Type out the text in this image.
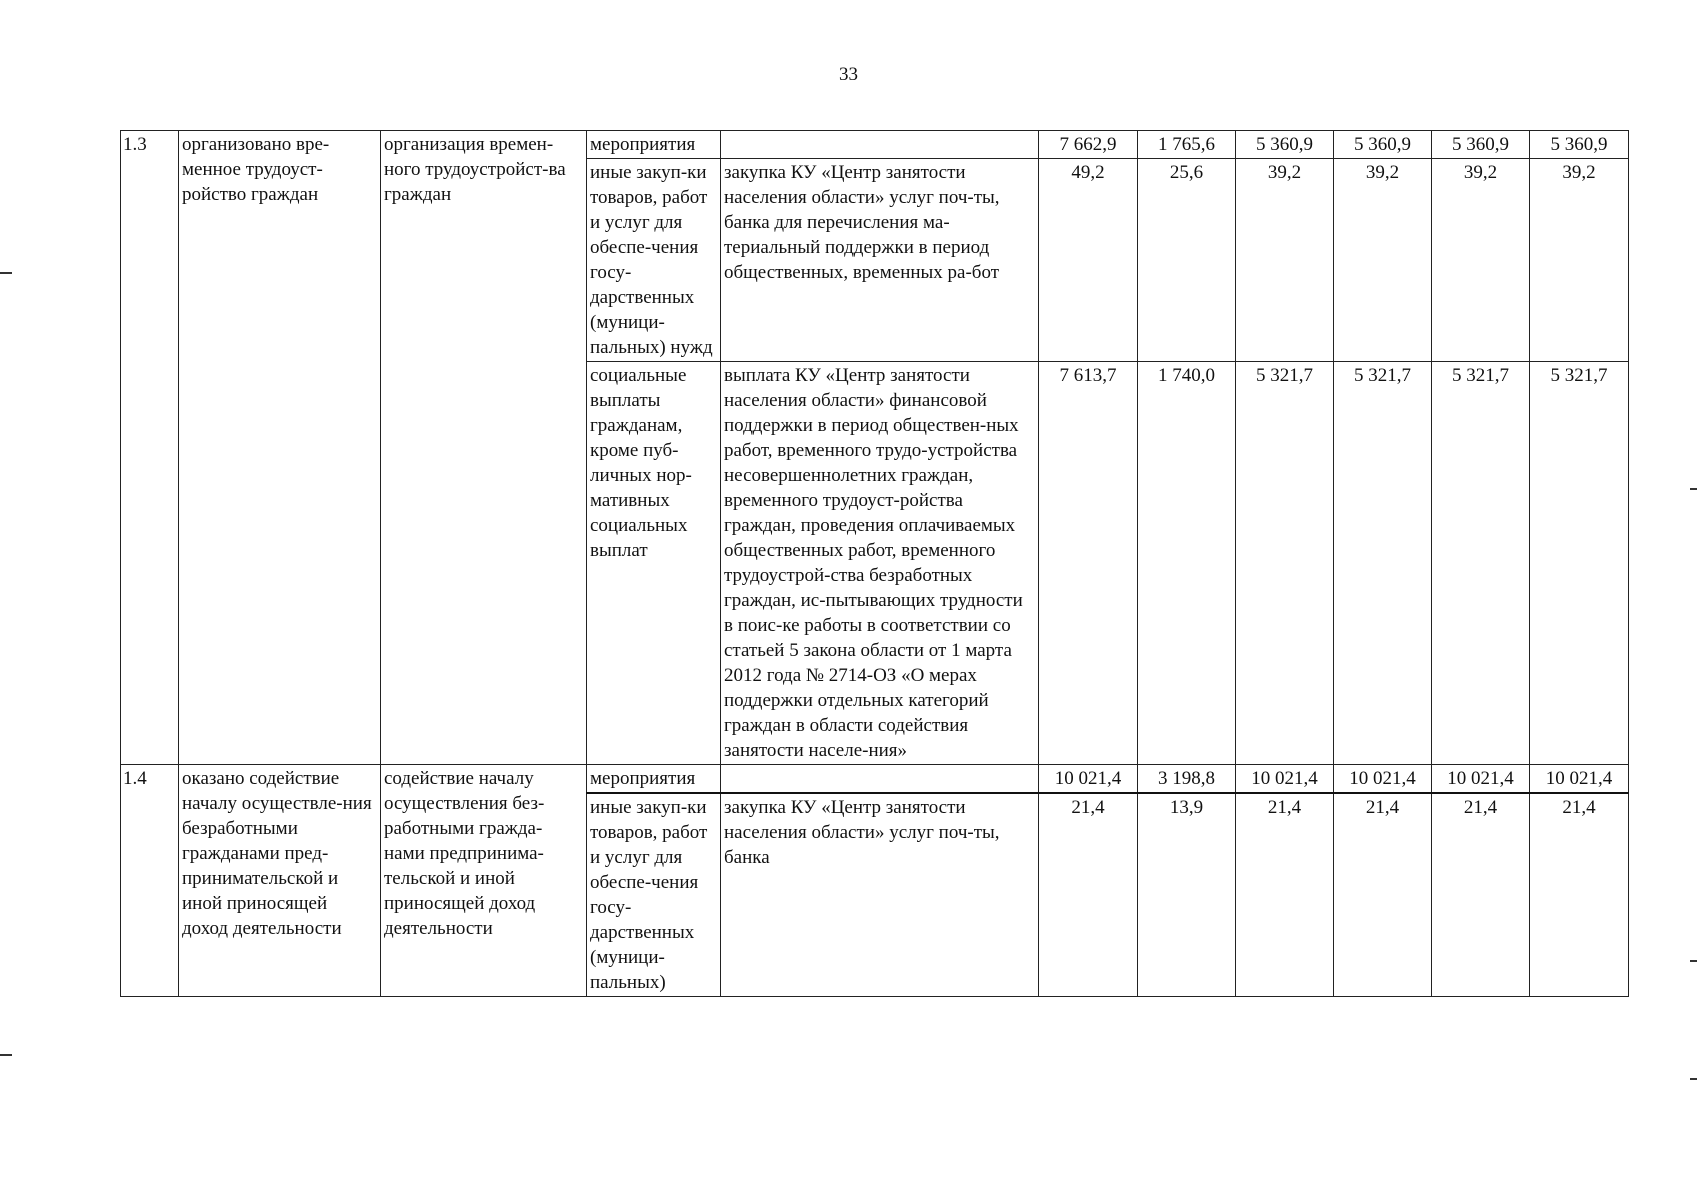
33
1.3	организовано вре-менное трудоуст-ройство граждан	организация времен-ного трудоустройст-ва граждан	мероприятия		7 662,9	1 765,6	5 360,9	5 360,9	5 360,9	5 360,9
			иные закуп-ки товаров, работ и услуг для обеспе-чения госу-дарственных (муници-пальных) нужд	закупка КУ «Центр занятости населения области» услуг поч-ты, банка для перечисления ма-териальный поддержки в период общественных, временных ра-бот	49,2	25,6	39,2	39,2	39,2	39,2
			социальные выплаты гражданам, кроме пуб-личных нор-мативных социальных выплат	выплата КУ «Центр занятости населения области» финансовой поддержки в период обществен-ных работ, временного трудо-устройства несовершеннолетних граждан, временного трудоуст-ройства граждан, проведения оплачиваемых общественных работ, временного трудоустрой-ства безработных граждан, ис-пытывающих трудности в поис-ке работы в соответствии со статьей 5 закона области от 1 марта 2012 года № 2714-ОЗ «О мерах поддержки отдельных категорий граждан в области содействия занятости населе-ния»	7 613,7	1 740,0	5 321,7	5 321,7	5 321,7	5 321,7
1.4	оказано содействие началу осуществле-ния безработными гражданами пред-принимательской и иной приносящей доход деятельности	содействие началу осуществления без-работными гражда-нами предпринима-тельской и иной приносящей доход деятельности	мероприятия		10 021,4	3 198,8	10 021,4	10 021,4	10 021,4	10 021,4
			иные закуп-ки товаров, работ и услуг для обеспе-чения госу-дарственных (муници-пальных)	закупка КУ «Центр занятости населения области» услуг поч-ты, банка	21,4	13,9	21,4	21,4	21,4	21,4
